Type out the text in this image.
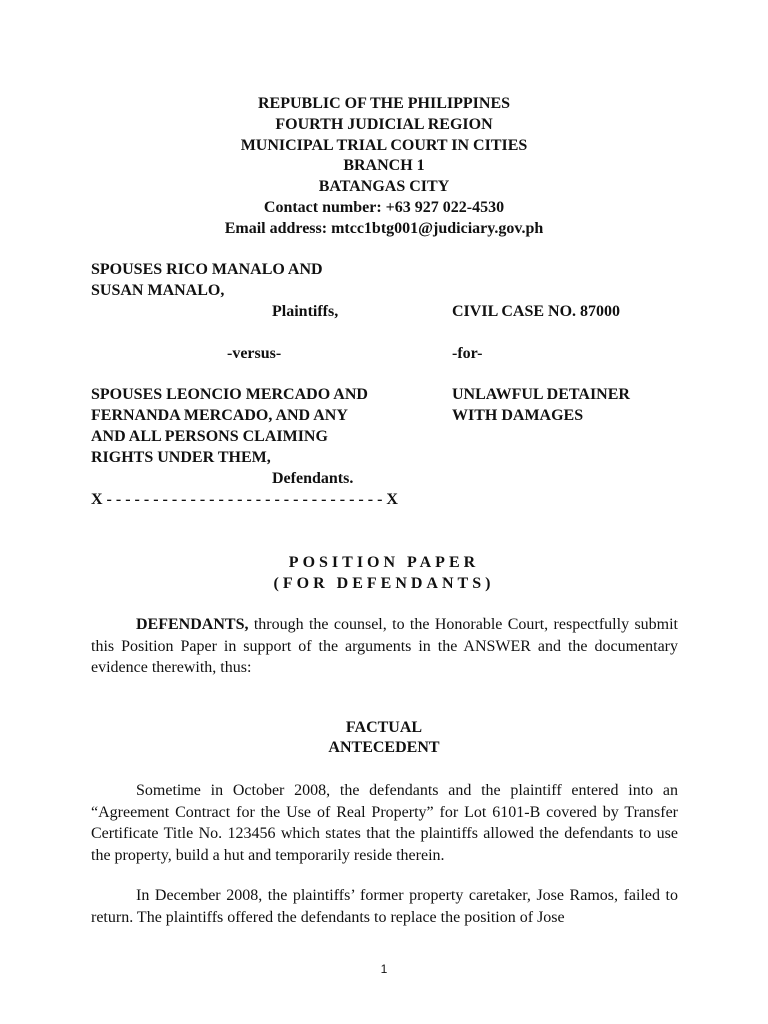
REPUBLIC OF THE PHILIPPINES
FOURTH JUDICIAL REGION
MUNICIPAL TRIAL COURT IN CITIES
BRANCH 1
BATANGAS CITY
Contact number: +63 927 022-4530
Email address: mtcc1btg001@judiciary.gov.ph
SPOUSES RICO MANALO AND
SUSAN MANALO,
Plaintiffs,	CIVIL CASE NO. 87000
-versus-	-for-
SPOUSES LEONCIO MERCADO AND
FERNANDA MERCADO, AND ANY
AND ALL PERSONS CLAIMING
RIGHTS UNDER THEM,
Defendants.
UNLAWFUL DETAINER
WITH DAMAGES
X - - - - - - - - - - - - - - - - - - - - - - - - - - - - - - X
POSITION PAPER
(FOR DEFENDANTS)
DEFENDANTS, through the counsel, to the Honorable Court, respectfully submit this Position Paper in support of the arguments in the ANSWER and the documentary evidence therewith, thus:
FACTUAL
ANTECEDENT
Sometime in October 2008, the defendants and the plaintiff entered into an “Agreement Contract for the Use of Real Property” for Lot 6101-B covered by Transfer Certificate Title No. 123456 which states that the plaintiffs allowed the defendants to use the property, build a hut and temporarily reside therein.
In December 2008, the plaintiffs’ former property caretaker, Jose Ramos, failed to return. The plaintiffs offered the defendants to replace the position of Jose
1
